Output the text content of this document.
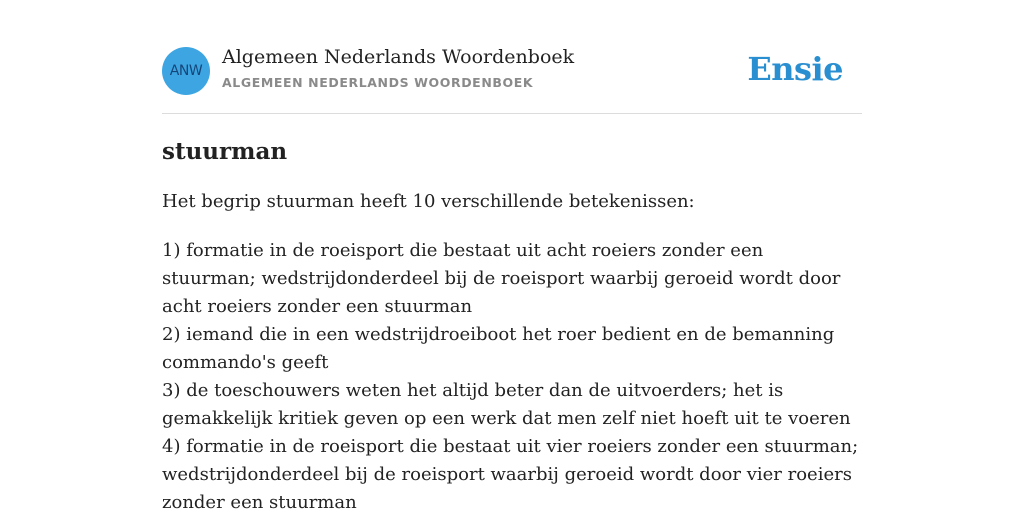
ANW
Algemeen Nederlands Woordenboek
ALGEMEEN NEDERLANDS WOORDENBOEK	Ensie
stuurman

Het begrip stuurman heeft 10 verschillende betekenissen:

1) formatie in de roeisport die bestaat uit acht roeiers zonder een stuurman; wedstrijdonderdeel bij de roeisport waarbij geroeid wordt door acht roeiers zonder een stuurman
2) iemand die in een wedstrijdroeiboot het roer bedient en de bemanning commando's geeft
3) de toeschouwers weten het altijd beter dan de uitvoerders; het is gemakkelijk kritiek geven op een werk dat men zelf niet hoeft uit te voeren
4) formatie in de roeisport die bestaat uit vier roeiers zonder een stuurman; wedstrijdonderdeel bij de roeisport waarbij geroeid wordt door vier roeiers zonder een stuurman
